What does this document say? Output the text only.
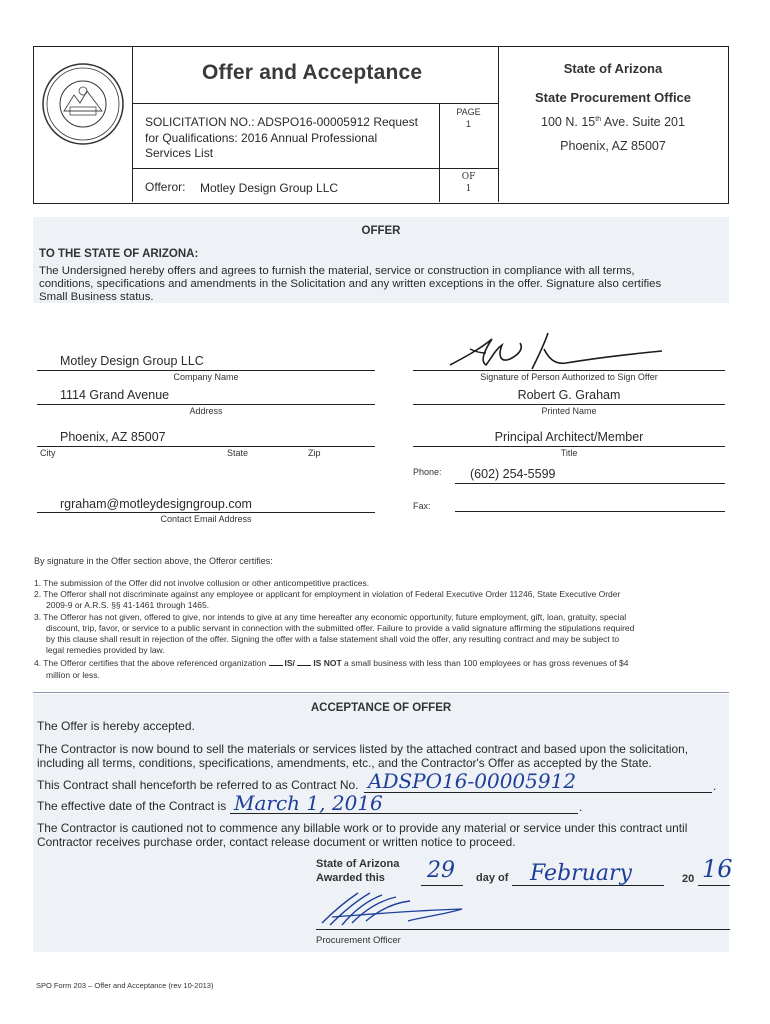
Offer and Acceptance
SOLICITATION NO.: ADSPO16-00005912 Request
for Qualifications: 2016 Annual Professional
Services List
PAGE
1
OF
1
Offeror: Motley Design Group LLC
State of Arizona
State Procurement Office
100 N. 15th Ave. Suite 201
Phoenix, AZ 85007
OFFER
TO THE STATE OF ARIZONA:
The Undersigned hereby offers and agrees to furnish the material, service or construction in compliance with all terms,
conditions, specifications and amendments in the Solicitation and any written exceptions in the offer. Signature also certifies
Small Business status.
Motley Design Group LLC
Company Name
1114 Grand Avenue
Address
Phoenix, AZ 85007
City	State	Zip
rgraham@motleydesigngroup.com
Contact Email Address
Signature of Person Authorized to Sign Offer
Robert G. Graham
Printed Name
Principal Architect/Member
Title
Phone: (602) 254-5599
Fax:
By signature in the Offer section above, the Offeror certifies:
1. The submission of the Offer did not involve collusion or other anticompetitive practices.
2. The Offeror shall not discriminate against any employee or applicant for employment in violation of Federal Executive Order 11246, State Executive Order
2009-9 or A.R.S. §§ 41-1461 through 1465.
3. The Offeror has not given, offered to give, nor intends to give at any time hereafter any economic opportunity, future employment, gift, loan, gratuity, special
discount, trip, favor, or service to a public servant in connection with the submitted offer. Failure to provide a valid signature affirming the stipulations required
by this clause shall result in rejection of the offer. Signing the offer with a false statement shall void the offer, any resulting contract and may be subject to
legal remedies provided by law.
4. The Offeror certifies that the above referenced organization IS/ IS NOT a small business with less than 100 employees or has gross revenues of $4
million or less.
ACCEPTANCE OF OFFER
The Offer is hereby accepted.
The Contractor is now bound to sell the materials or services listed by the attached contract and based upon the solicitation,
including all terms, conditions, specifications, amendments, etc., and the Contractor's Offer as accepted by the State.
This Contract shall henceforth be referred to as Contract No. ADSPO16-00005912	.
The effective date of the Contract is March 1, 2016	.
The Contractor is cautioned not to commence any billable work or to provide any material or service under this contract until
Contractor receives purchase order, contact release document or written notice to proceed.
State of Arizona
Awarded this 29 day of February	20 16
Procurement Officer
SPO Form 203 – Offer and Acceptance (rev 10-2013)
